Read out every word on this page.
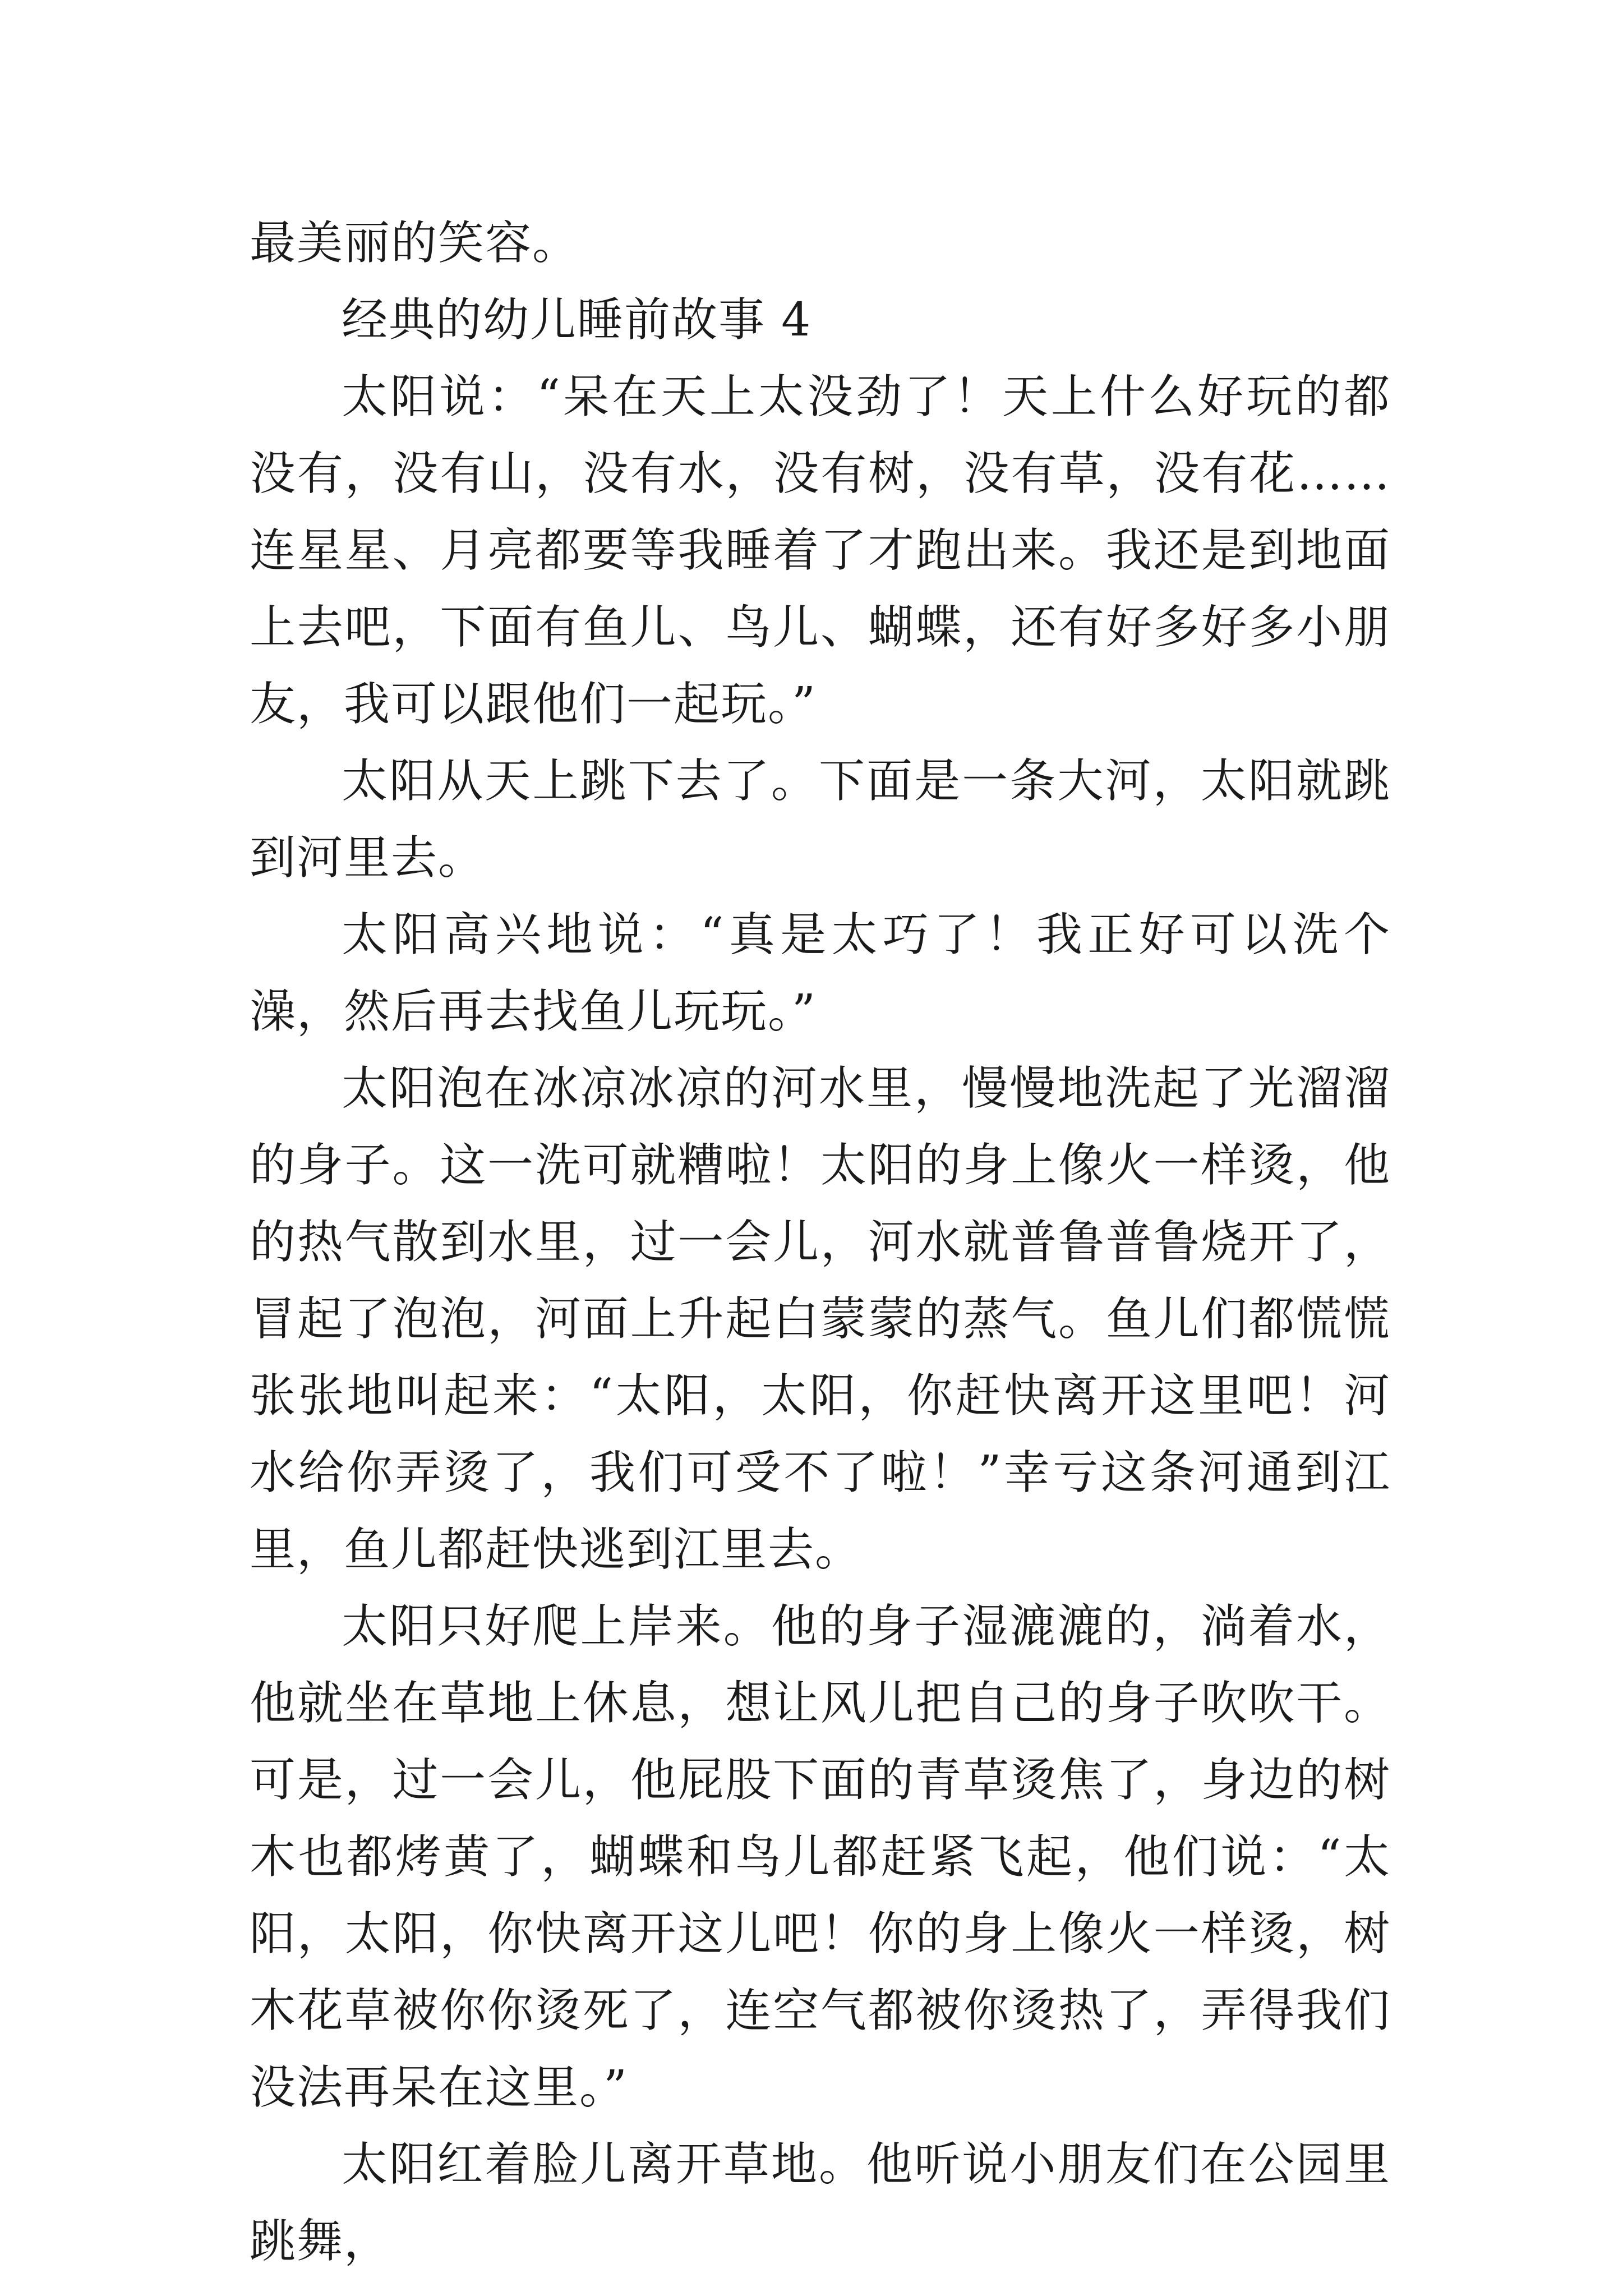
最美丽的笑容。

经典的幼儿睡前故事 4

太阳说：“呆在天上太没劲了！天上什么好玩的都没有，没有山，没有水，没有树，没有草，没有花……连星星、月亮都要等我睡着了才跑出来。我还是到地面上去吧，下面有鱼儿、鸟儿、蝴蝶，还有好多好多小朋友，我可以跟他们一起玩。”

太阳从天上跳下去了。下面是一条大河，太阳就跳到河里去。

太阳高兴地说：“真是太巧了！我正好可以洗个澡，然后再去找鱼儿玩玩。”

太阳泡在冰凉冰凉的河水里，慢慢地洗起了光溜溜的身子。这一洗可就糟啦！太阳的身上像火一样烫，他的热气散到水里，过一会儿，河水就普鲁普鲁烧开了，冒起了泡泡，河面上升起白蒙蒙的蒸气。鱼儿们都慌慌张张地叫起来：“太阳，太阳，你赶快离开这里吧！河水给你弄烫了，我们可受不了啦！”幸亏这条河通到江里，鱼儿都赶快逃到江里去。

太阳只好爬上岸来。他的身子湿漉漉的，淌着水，他就坐在草地上休息，想让风儿把自己的身子吹吹干。可是，过一会儿，他屁股下面的青草烫焦了，身边的树木也都烤黄了，蝴蝶和鸟儿都赶紧飞起，他们说：“太阳，太阳，你快离开这儿吧！你的身上像火一样烫，树木花草被你你烫死了，连空气都被你烫热了，弄得我们没法再呆在这里。”

太阳红着脸儿离开草地。他听说小朋友们在公园里跳舞，
